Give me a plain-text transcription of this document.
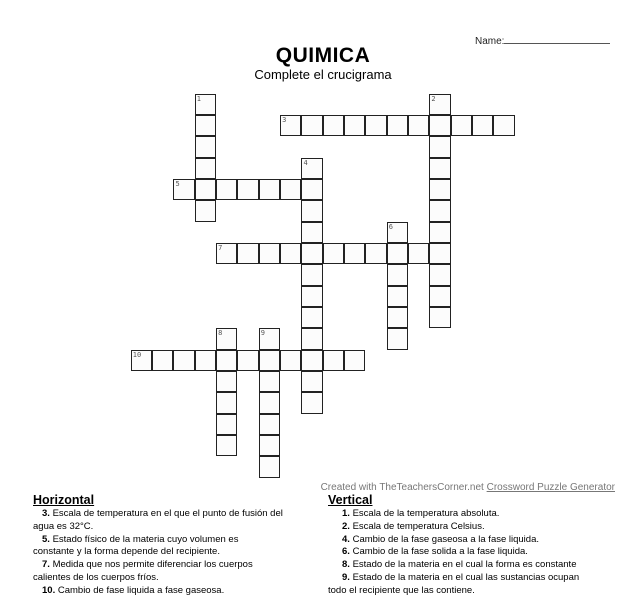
Name:
QUIMICA
Complete el crucigrama
1	2
3
4
5
6
7
8	9
10
Created with TheTeachersCorner.net Crossword Puzzle Generator
Horizontal
3. Escala de temperatura en el que el punto de fusión del
agua es 32°C.
5. Estado físico de la materia cuyo volumen es
constante y la forma depende del recipiente.
7. Medida que nos permite diferenciar los cuerpos
calientes de los cuerpos fríos.
10. Cambio de fase liquida a fase gaseosa.
Vertical
1. Escala de la temperatura absoluta.
2. Escala de temperatura Celsius.
4. Cambio de la fase gaseosa a la fase liquida.
6. Cambio de la fase solida a la fase liquida.
8. Estado de la materia en el cual la forma es constante
9. Estado de la materia en el cual las sustancias ocupan
todo el recipiente que las contiene.
